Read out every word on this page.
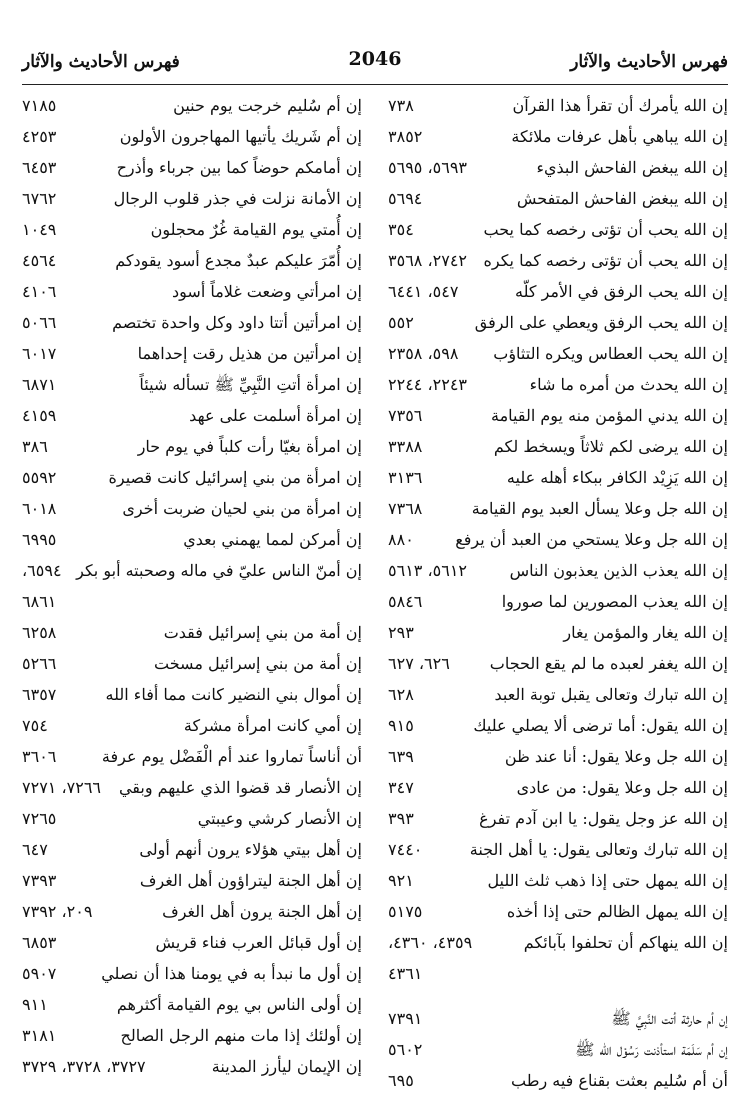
فهرس الأحاديث والآثار
2046
فهرس الأحاديث والآثار
إن الله يأمرك أن تقرأ هذا القرآن
٧٣٨
إن الله يباهي بأهل عرفات ملائكة
٣٨٥٢
إن الله يبغض الفاحش البذيء
٥٦٩٣، ٥٦٩٥
إن الله يبغض الفاحش المتفحش
٥٦٩٤
إن الله يحب أن تؤتى رخصه كما يحب
٣٥٤
إن الله يحب أن تؤتى رخصه كما يكره
٢٧٤٢، ٣٥٦٨
إن الله يحب الرفق في الأمر كلّه
٥٤٧، ٦٤٤١
إن الله يحب الرفق ويعطي على الرفق
٥٥٢
إن الله يحب العطاس ويكره التثاؤب
٥٩٨، ٢٣٥٨
إن الله يحدث من أمره ما شاء
٢٢٤٣، ٢٢٤٤
إن الله يدني المؤمن منه يوم القيامة
٧٣٥٦
إن الله يرضى لكم ثلاثاً ويسخط لكم
٣٣٨٨
إن الله يَزِيْد الكافر ببكاء أهله عليه
٣١٣٦
إن الله جل وعلا يسأل العبد يوم القيامة
٧٣٦٨
إن الله جل وعلا يستحي من العبد أن يرفع
٨٨٠
إن الله يعذب الذين يعذبون الناس
٥٦١٢، ٥٦١٣
إن الله يعذب المصورين لما صوروا
٥٨٤٦
إن الله يغار والمؤمن يغار
٢٩٣
إن الله يغفر لعبده ما لم يقع الحجاب
٦٢٦، ٦٢٧
إن الله تبارك وتعالى يقبل توبة العبد
٦٢٨
إن الله يقول: أما ترضى ألا يصلي عليك
٩١٥
إن الله جل وعلا يقول: أنا عند ظن
٦٣٩
إن الله جل وعلا يقول: من عادى
٣٤٧
إن الله عز وجل يقول: يا ابن آدم تفرغ
٣٩٣
إن الله تبارك وتعالى يقول: يا أهل الجنة
٧٤٤٠
إن الله يمهل حتى إذا ذهب ثلث الليل
٩٢١
إن الله يمهل الظالم حتى إذا أخذه
٥١٧٥
إن الله ينهاكم أن تحلفوا بآبائكم
٤٣٥٩، ٤٣٦٠،
٤٣٦١
إن أم حارثة أتت النَّبِيَّ ﷺ
٧٣٩١
إن أم سَلَمَة استأذنت رَسُوْل الله ﷺ
٥٦٠٢
أن أم سُليم بعثت بقناع فيه رطب
٦٩٥
إن أم سُليم خرجت يوم حنين
٧١٨٥
إن أم شَريك يأتيها المهاجرون الأولون
٤٢٥٣
إن أمامكم حوضاً كما بين جرباء وأذرح
٦٤٥٣
إن الأمانة نزلت في جذر قلوب الرجال
٦٧٦٢
إن أُمتي يوم القيامة غُرٌ محجلون
١٠٤٩
إن أُمّرَ عليكم عبدٌ مجدع أسود يقودكم
٤٥٦٤
إن امرأتي وضعت غلاماً أسود
٤١٠٦
إن امرأتين أتتا داود وكل واحدة تختصم
٥٠٦٦
إن امرأتين من هذيل رقت إحداهما
٦٠١٧
إن امرأة أتتِ النَّبِيِّ ﷺ تسأله شيئاً
٦٨٧١
إن امرأة أسلمت على عهد
٤١٥٩
إن امرأة بغيّا رأت كلباً في يوم حار
٣٨٦
إن امرأة من بني إسرائيل كانت قصيرة
٥٥٩٢
إن امرأة من بني لحيان ضربت أخرى
٦٠١٨
إن أمركن لمما يهمني بعدي
٦٩٩٥
إن أمنّ الناس عليّ في ماله وصحبته أبو بكر
٦٥٩٤،
٦٨٦١
إن أمة من بني إسرائيل فقدت
٦٢٥٨
إن أمة من بني إسرائيل مسخت
٥٢٦٦
إن أموال بني النضير كانت مما أفاء الله
٦٣٥٧
إن أمي كانت امرأة مشركة
٧٥٤
أن أناساً تماروا عند أم الْفَضْل يوم عرفة
٣٦٠٦
إن الأنصار قد قضوا الذي عليهم وبقي
٧٢٦٦، ٧٢٧١
إن الأنصار كرشي وعيبتي
٧٢٦٥
إن أهل بيتي هؤلاء يرون أنهم أولى
٦٤٧
إن أهل الجنة ليتراؤون أهل الغرف
٧٣٩٣
إن أهل الجنة يرون أهل الغرف
٢٠٩، ٧٣٩٢
إن أول قبائل العرب فناء قريش
٦٨٥٣
إن أول ما نبدأ به في يومنا هذا أن نصلي
٥٩٠٧
إن أولى الناس بي يوم القيامة أكثرهم
٩١١
إن أولئك إذا مات منهم الرجل الصالح
٣١٨١
إن الإيمان ليأرز المدينة
٣٧٢٧، ٣٧٢٨، ٣٧٢٩
